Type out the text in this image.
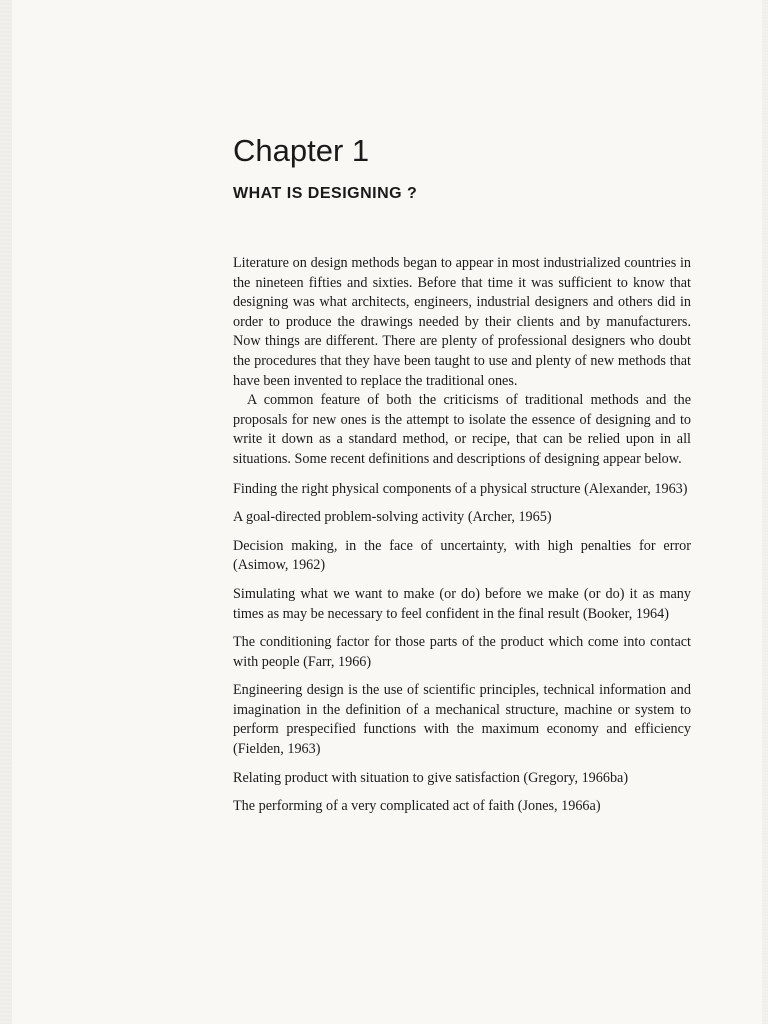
Chapter 1
WHAT IS DESIGNING ?

Literature on design methods began to appear in most industrialized countries in the nineteen fifties and sixties. Before that time it was sufficient to know that designing was what architects, engineers, industrial designers and others did in order to produce the drawings needed by their clients and by manufacturers. Now things are different. There are plenty of professional designers who doubt the procedures that they have been taught to use and plenty of new methods that have been invented to replace the traditional ones.

A common feature of both the criticisms of traditional methods and the proposals for new ones is the attempt to isolate the essence of designing and to write it down as a standard method, or recipe, that can be relied upon in all situations. Some recent definitions and descriptions of designing appear below.

Finding the right physical components of a physical structure (Alexander, 1963)

A goal-directed problem-solving activity (Archer, 1965)

Decision making, in the face of uncertainty, with high penalties for error (Asimow, 1962)

Simulating what we want to make (or do) before we make (or do) it as many times as may be necessary to feel confident in the final result (Booker, 1964)

The conditioning factor for those parts of the product which come into contact with people (Farr, 1966)

Engineering design is the use of scientific principles, technical information and imagination in the definition of a mechanical structure, machine or system to perform prespecified functions with the maximum economy and efficiency (Fielden, 1963)

Relating product with situation to give satisfaction (Gregory, 1966ba)

The performing of a very complicated act of faith (Jones, 1966a)
